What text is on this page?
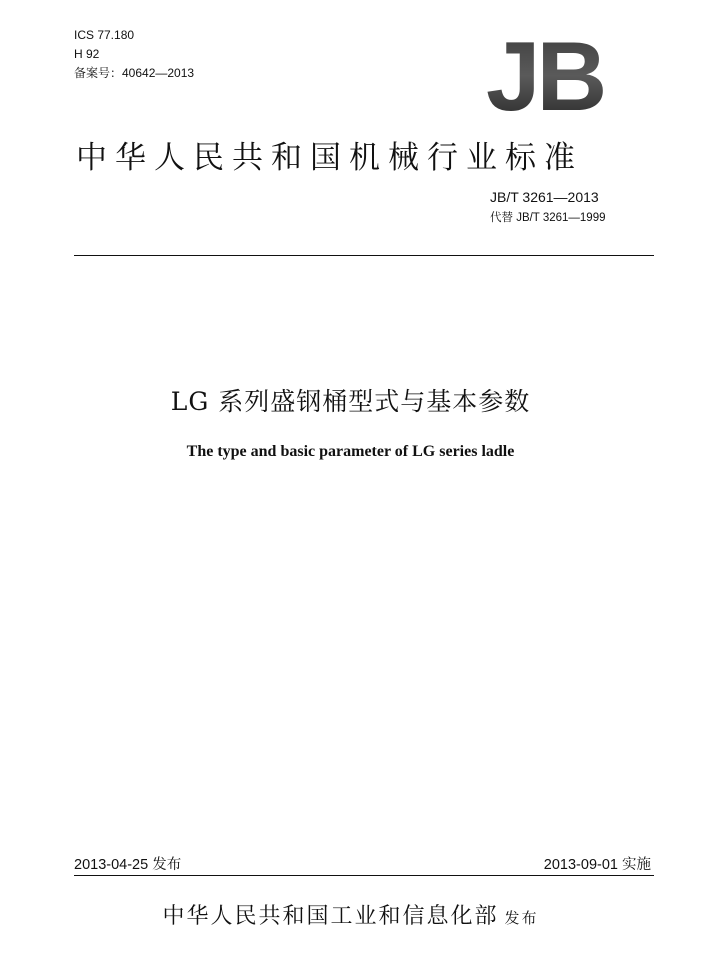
ICS 77.180
H 92
备案号：40642—2013	JB
中华人民共和国机械行业标准
JB/T 3261—2013
代替 JB/T 3261—1999
LG 系列盛钢桶型式与基本参数
The type and basic parameter of LG series ladle
2013-04-25 发布	2013-09-01 实施
中华人民共和国工业和信息化部 发布
